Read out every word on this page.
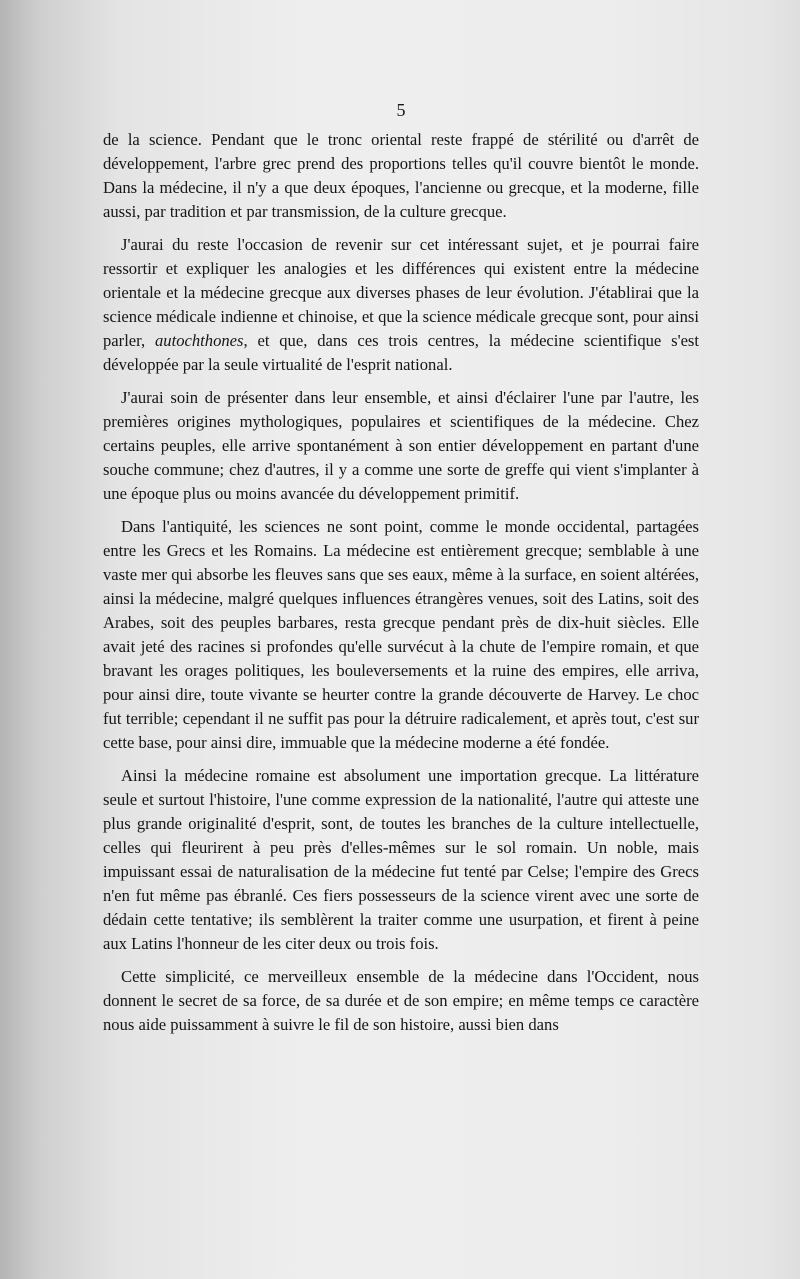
5

de la science. Pendant que le tronc oriental reste frappé de stérilité ou d'arrêt de développement, l'arbre grec prend des proportions telles qu'il couvre bientôt le monde. Dans la médecine, il n'y a que deux époques, l'ancienne ou grecque, et la moderne, fille aussi, par tradition et par transmission, de la culture grecque.

J'aurai du reste l'occasion de revenir sur cet intéressant sujet, et je pourrai faire ressortir et expliquer les analogies et les différences qui existent entre la médecine orientale et la médecine grecque aux diverses phases de leur évolution. J'établirai que la science médicale indienne et chinoise, et que la science médicale grecque sont, pour ainsi parler, autochthones, et que, dans ces trois centres, la médecine scientifique s'est développée par la seule virtualité de l'esprit national.

J'aurai soin de présenter dans leur ensemble, et ainsi d'éclairer l'une par l'autre, les premières origines mythologiques, populaires et scientifiques de la médecine. Chez certains peuples, elle arrive spontanément à son entier développement en partant d'une souche commune; chez d'autres, il y a comme une sorte de greffe qui vient s'implanter à une époque plus ou moins avancée du développement primitif.

Dans l'antiquité, les sciences ne sont point, comme le monde occidental, partagées entre les Grecs et les Romains. La médecine est entièrement grecque; semblable à une vaste mer qui absorbe les fleuves sans que ses eaux, même à la surface, en soient altérées, ainsi la médecine, malgré quelques influences étrangères venues, soit des Latins, soit des Arabes, soit des peuples barbares, resta grecque pendant près de dix-huit siècles. Elle avait jeté des racines si profondes qu'elle survécut à la chute de l'empire romain, et que bravant les orages politiques, les bouleversements et la ruine des empires, elle arriva, pour ainsi dire, toute vivante se heurter contre la grande découverte de Harvey. Le choc fut terrible; cependant il ne suffit pas pour la détruire radicalement, et après tout, c'est sur cette base, pour ainsi dire, immuable que la médecine moderne a été fondée.

Ainsi la médecine romaine est absolument une importation grecque. La littérature seule et surtout l'histoire, l'une comme expression de la nationalité, l'autre qui atteste une plus grande originalité d'esprit, sont, de toutes les branches de la culture intellectuelle, celles qui fleurirent à peu près d'elles-mêmes sur le sol romain. Un noble, mais impuissant essai de naturalisation de la médecine fut tenté par Celse; l'empire des Grecs n'en fut même pas ébranlé. Ces fiers possesseurs de la science virent avec une sorte de dédain cette tentative; ils semblèrent la traiter comme une usurpation, et firent à peine aux Latins l'honneur de les citer deux ou trois fois.

Cette simplicité, ce merveilleux ensemble de la médecine dans l'Occident, nous donnent le secret de sa force, de sa durée et de son empire; en même temps ce caractère nous aide puissamment à suivre le fil de son histoire, aussi bien dans
